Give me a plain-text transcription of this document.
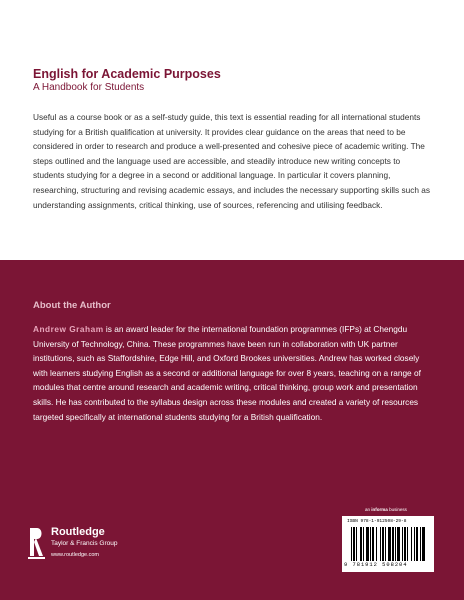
English for Academic Purposes

A Handbook for Students

Useful as a course book or as a self-study guide, this text is essential reading for all international students studying for a British qualification at university. It provides clear guidance on the areas that need to be considered in order to research and produce a well-presented and cohesive piece of academic writing. The steps outlined and the language used are accessible, and steadily introduce new writing concepts to students studying for a degree in a second or additional language. In particular it covers planning, researching, structuring and revising academic essays, and includes the necessary supporting skills such as understanding assignments, critical thinking, use of sources, referencing and utilising feedback.

About the Author

Andrew Graham is an award leader for the international foundation programmes (IFPs) at Chengdu University of Technology, China. These programmes have been run in collaboration with UK partner institutions, such as Staffordshire, Edge Hill, and Oxford Brookes universities. Andrew has worked closely with learners studying English as a second or additional language for over 8 years, teaching on a range of modules that centre around research and academic writing, critical thinking, group work and presentation skills. He has contributed to the syllabus design across these modules and created a variety of resources targeted specifically at international students studying for a British qualification.

Routledge
Taylor & Francis Group
www.routledge.com
an informa business
ISBN 978-1-912508-29-8
9 781912 508204
